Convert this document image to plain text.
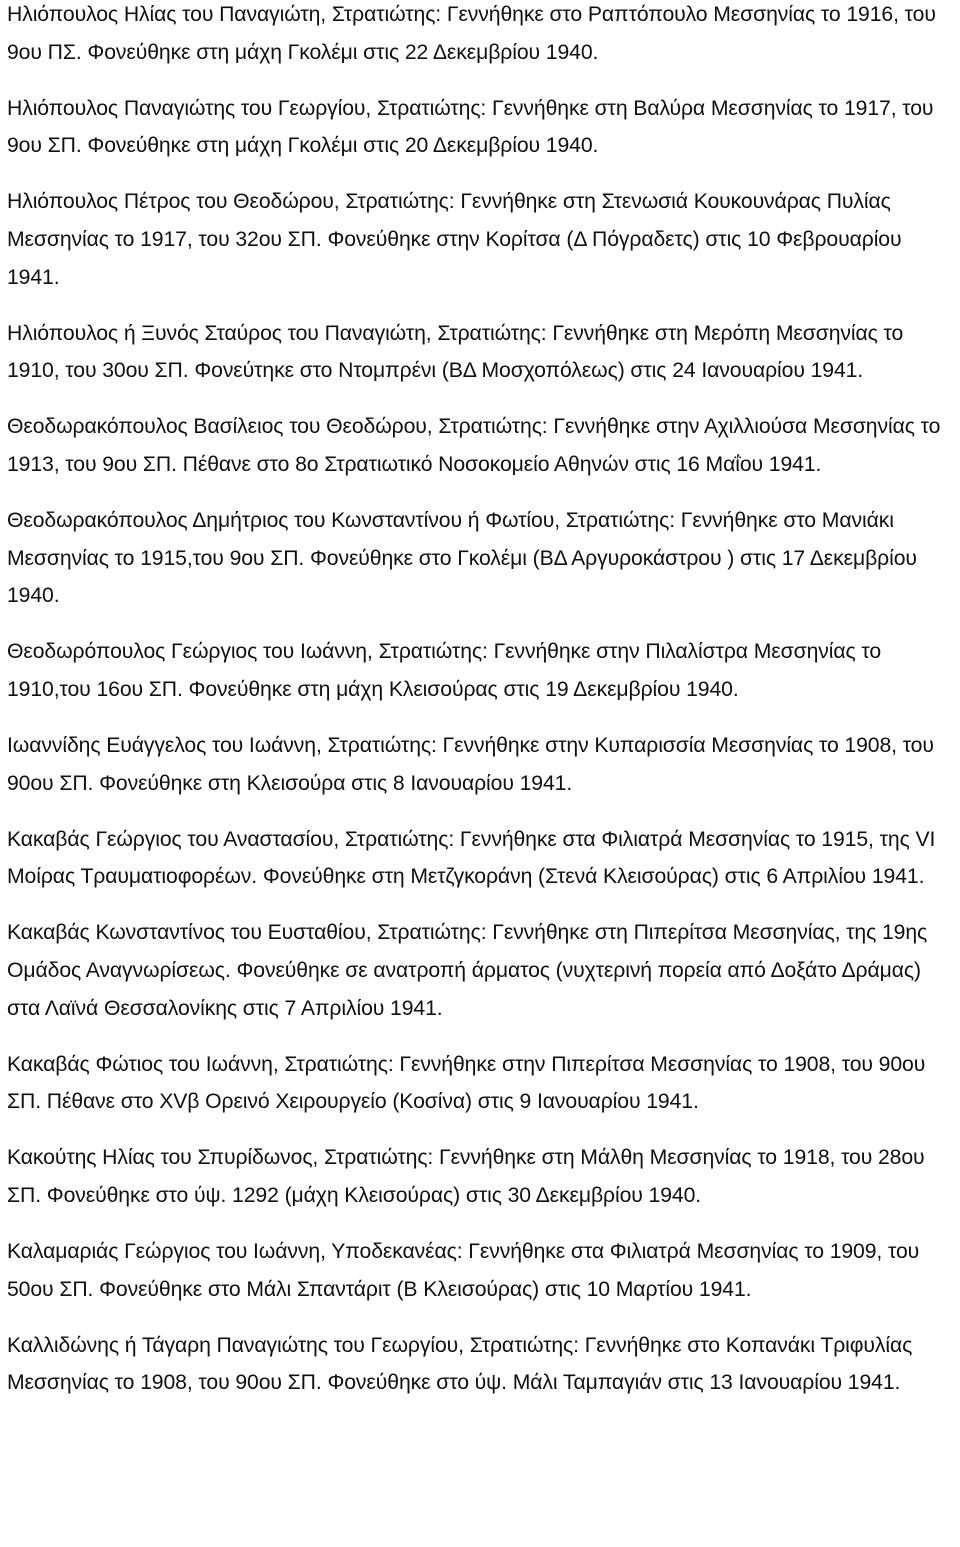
Ηλιόπουλος Ηλίας του Παναγιώτη, Στρατιώτης: Γεννήθηκε στο Ραπτόπουλο Μεσσηνίας το 1916, του 9ου ΠΣ. Φονεύθηκε στη μάχη Γκολέμι στις 22 Δεκεμβρίου 1940.

Ηλιόπουλος Παναγιώτης του Γεωργίου, Στρατιώτης: Γεννήθηκε στη Βαλύρα Μεσσηνίας το 1917, του 9ου ΣΠ. Φονεύθηκε στη μάχη Γκολέμι στις 20 Δεκεμβρίου 1940.

Ηλιόπουλος Πέτρος του Θεοδώρου, Στρατιώτης: Γεννήθηκε στη Στενωσιά Κουκουνάρας Πυλίας Μεσσηνίας το 1917, του 32ου ΣΠ. Φονεύθηκε στην Κορίτσα (Δ Πόγραδετς) στις 10 Φεβρουαρίου 1941.

Ηλιόπουλος ή Ξυνός Σταύρος του Παναγιώτη, Στρατιώτης: Γεννήθηκε στη Μερόπη Μεσσηνίας το 1910, του 30ου ΣΠ. Φονεύτηκε στο Ντομπρένι (ΒΔ Μοσχοπόλεως) στις 24 Ιανουαρίου 1941.

Θεοδωρακόπουλος Βασίλειος του Θεοδώρου, Στρατιώτης: Γεννήθηκε στην Αχιλλιούσα Μεσσηνίας το 1913, του 9ου ΣΠ. Πέθανε στο 8ο Στρατιωτικό Νοσοκομείο Αθηνών στις 16 Μαΐου 1941.

Θεοδωρακόπουλος Δημήτριος του Κωνσταντίνου ή Φωτίου, Στρατιώτης: Γεννήθηκε στο Μανιάκι Μεσσηνίας το 1915,του 9ου ΣΠ. Φονεύθηκε στο Γκολέμι (ΒΔ Αργυροκάστρου ) στις 17 Δεκεμβρίου 1940.

Θεοδωρόπουλος Γεώργιος του Ιωάννη, Στρατιώτης: Γεννήθηκε στην Πιλαλίστρα Μεσσηνίας το 1910,του 16ου ΣΠ. Φονεύθηκε στη μάχη Κλεισούρας στις 19 Δεκεμβρίου 1940.

Ιωαννίδης Ευάγγελος του Ιωάννη, Στρατιώτης: Γεννήθηκε στην Κυπαρισσία Μεσσηνίας το 1908, του 90ου ΣΠ. Φονεύθηκε στη Κλεισούρα στις 8 Ιανουαρίου 1941.

Κακαβάς Γεώργιος του Αναστασίου, Στρατιώτης: Γεννήθηκε στα Φιλιατρά Μεσσηνίας το 1915, της VI Μοίρας Τραυματιοφορέων. Φονεύθηκε στη Μετζγκοράνη (Στενά Κλεισούρας) στις 6 Απριλίου 1941.

Κακαβάς Κωνσταντίνος του Ευσταθίου, Στρατιώτης: Γεννήθηκε στη Πιπερίτσα Μεσσηνίας, της 19ης Ομάδος Αναγνωρίσεως. Φονεύθηκε σε ανατροπή άρματος (νυχτερινή πορεία από Δοξάτο Δράμας) στα Λαϊνά Θεσσαλονίκης στις 7 Απριλίου 1941.

Κακαβάς Φώτιος του Ιωάννη, Στρατιώτης: Γεννήθηκε στην Πιπερίτσα Μεσσηνίας το 1908, του 90ου ΣΠ. Πέθανε στο XVβ Ορεινό Χειρουργείο (Κοσίνα) στις 9 Ιανουαρίου 1941.

Κακούτης Ηλίας του Σπυρίδωνος, Στρατιώτης: Γεννήθηκε στη Μάλθη Μεσσηνίας το 1918, του 28ου ΣΠ. Φονεύθηκε στο ύψ. 1292 (μάχη Κλεισούρας) στις 30 Δεκεμβρίου 1940.

Καλαμαριάς Γεώργιος του Ιωάννη, Υποδεκανέας: Γεννήθηκε στα Φιλιατρά Μεσσηνίας το 1909, του 50ου ΣΠ. Φονεύθηκε στο Μάλι Σπαντάριτ (Β Κλεισούρας) στις 10 Μαρτίου 1941.

Καλλιδώνης ή Τάγαρη Παναγιώτης του Γεωργίου, Στρατιώτης: Γεννήθηκε στο Κοπανάκι Τριφυλίας Μεσσηνίας το 1908, του 90ου ΣΠ. Φονεύθηκε στο ύψ. Μάλι Ταμπαγιάν στις 13 Ιανουαρίου 1941.
